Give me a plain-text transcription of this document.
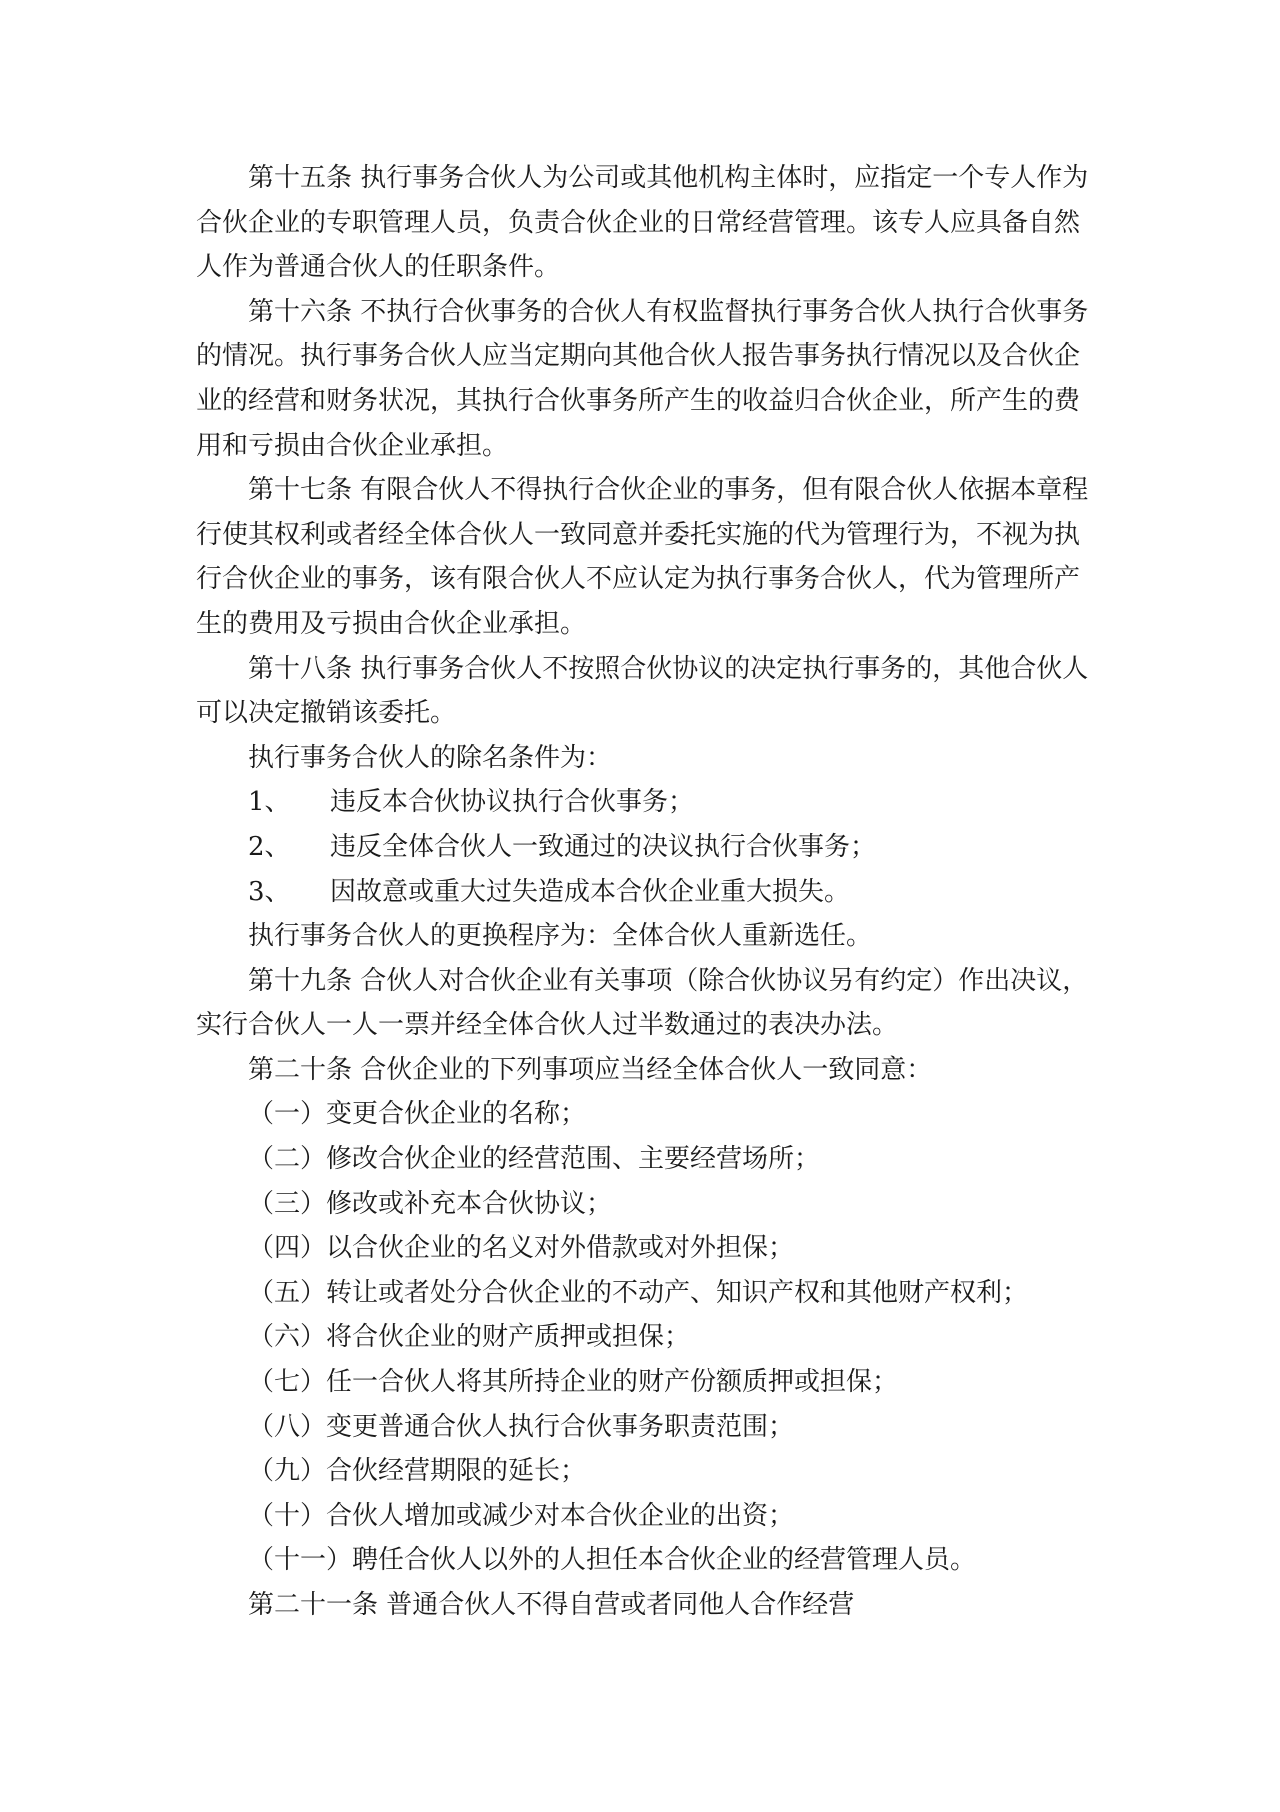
第十五条 执行事务合伙人为公司或其他机构主体时，应指定一个专人作为
合伙企业的专职管理人员，负责合伙企业的日常经营管理。该专人应具备自然
人作为普通合伙人的任职条件。
第十六条 不执行合伙事务的合伙人有权监督执行事务合伙人执行合伙事务
的情况。执行事务合伙人应当定期向其他合伙人报告事务执行情况以及合伙企
业的经营和财务状况，其执行合伙事务所产生的收益归合伙企业，所产生的费
用和亏损由合伙企业承担。
第十七条 有限合伙人不得执行合伙企业的事务，但有限合伙人依据本章程
行使其权利或者经全体合伙人一致同意并委托实施的代为管理行为，不视为执
行合伙企业的事务，该有限合伙人不应认定为执行事务合伙人，代为管理所产
生的费用及亏损由合伙企业承担。
第十八条 执行事务合伙人不按照合伙协议的决定执行事务的，其他合伙人
可以决定撤销该委托。
执行事务合伙人的除名条件为：
1、 违反本合伙协议执行合伙事务；
2、 违反全体合伙人一致通过的决议执行合伙事务；
3、 因故意或重大过失造成本合伙企业重大损失。
执行事务合伙人的更换程序为：全体合伙人重新选任。
第十九条 合伙人对合伙企业有关事项（除合伙协议另有约定）作出决议，
实行合伙人一人一票并经全体合伙人过半数通过的表决办法。
第二十条 合伙企业的下列事项应当经全体合伙人一致同意：
（一）变更合伙企业的名称；
（二）修改合伙企业的经营范围、主要经营场所；
（三）修改或补充本合伙协议；
（四）以合伙企业的名义对外借款或对外担保；
（五）转让或者处分合伙企业的不动产、知识产权和其他财产权利；
（六）将合伙企业的财产质押或担保；
（七）任一合伙人将其所持企业的财产份额质押或担保；
（八）变更普通合伙人执行合伙事务职责范围；
（九）合伙经营期限的延长；
（十）合伙人增加或减少对本合伙企业的出资；
（十一）聘任合伙人以外的人担任本合伙企业的经营管理人员。
第二十一条 普通合伙人不得自营或者同他人合作经营
